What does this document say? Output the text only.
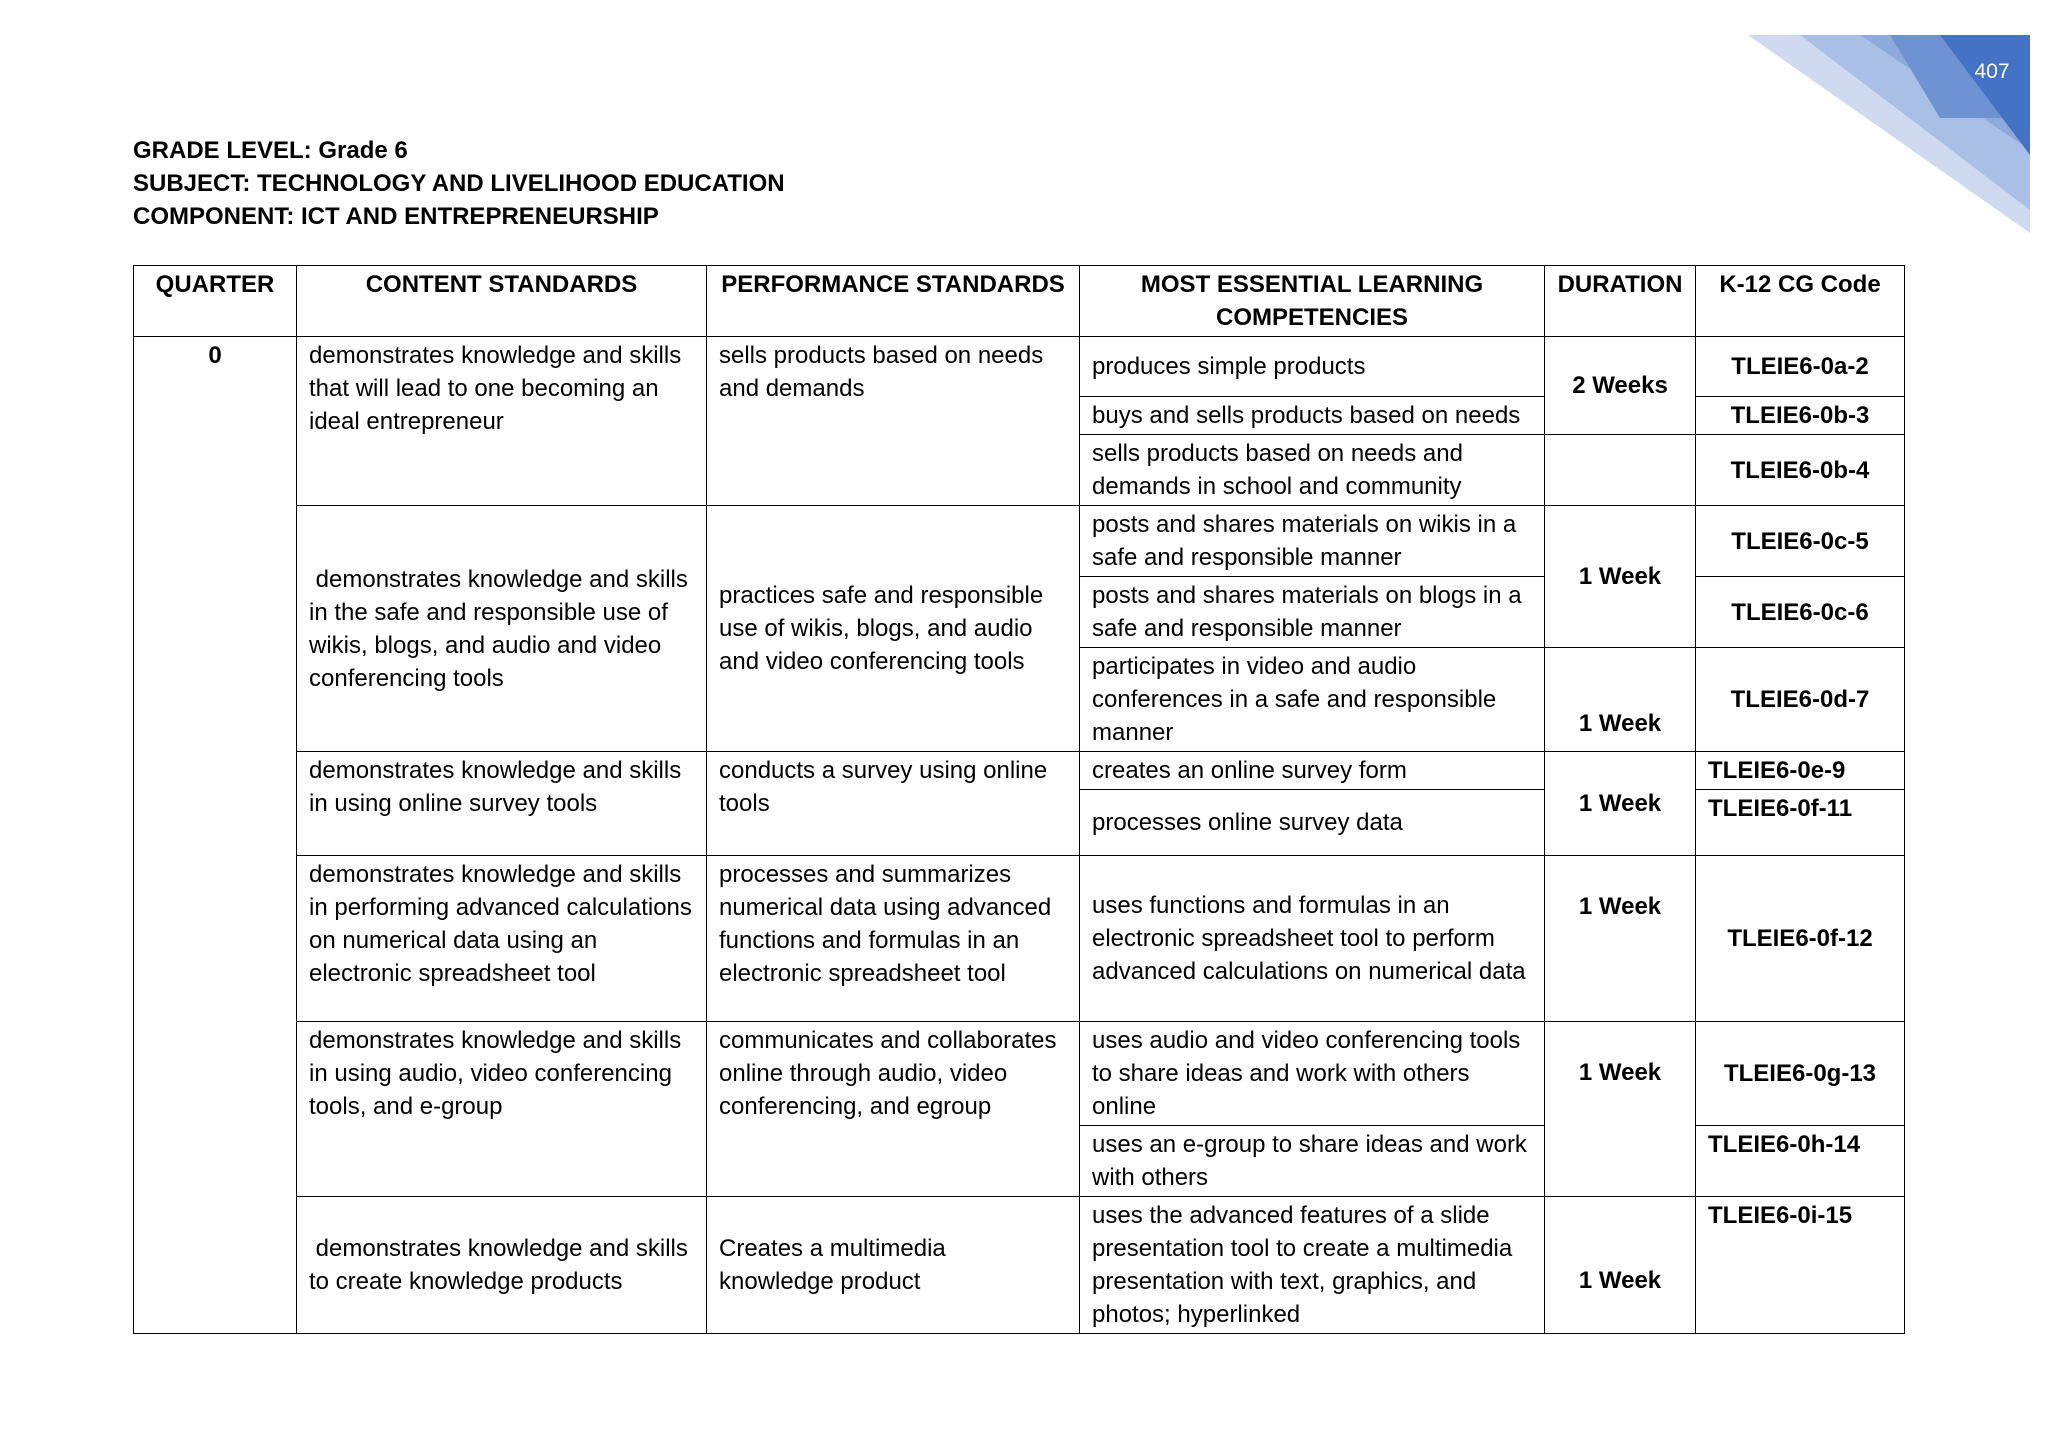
407
GRADE LEVEL: Grade 6
SUBJECT: TECHNOLOGY AND LIVELIHOOD EDUCATION
COMPONENT: ICT AND ENTREPRENEURSHIP
QUARTER	CONTENT STANDARDS	PERFORMANCE STANDARDS	MOST ESSENTIAL LEARNING COMPETENCIES	DURATION	K-12 CG Code
0	demonstrates knowledge and skills that will lead to one becoming an ideal entrepreneur	sells products based on needs and demands	produces simple products	2 Weeks	TLEIE6-0a-2
			buys and sells products based on needs		TLEIE6-0b-3
			sells products based on needs and demands in school and community		TLEIE6-0b-4
	demonstrates knowledge and skills in the safe and responsible use of wikis, blogs, and audio and video conferencing tools	practices safe and responsible use of wikis, blogs, and audio and video conferencing tools	posts and shares materials on wikis in a safe and responsible manner	1 Week	TLEIE6-0c-5
			posts and shares materials on blogs in a safe and responsible manner		TLEIE6-0c-6
			participates in video and audio conferences in a safe and responsible manner	1 Week	TLEIE6-0d-7
	demonstrates knowledge and skills in using online survey tools	conducts a survey using online tools	creates an online survey form	1 Week	TLEIE6-0e-9
			processes online survey data		TLEIE6-0f-11
	demonstrates knowledge and skills in performing advanced calculations on numerical data using an electronic spreadsheet tool	processes and summarizes numerical data using advanced functions and formulas in an electronic spreadsheet tool	uses functions and formulas in an electronic spreadsheet tool to perform advanced calculations on numerical data	1 Week	TLEIE6-0f-12
	demonstrates knowledge and skills in using audio, video conferencing tools, and e-group	communicates and collaborates online through audio, video conferencing, and egroup	uses audio and video conferencing tools to share ideas and work with others online	1 Week	TLEIE6-0g-13
			uses an e-group to share ideas and work with others		TLEIE6-0h-14
	demonstrates knowledge and skills to create knowledge products	Creates a multimedia knowledge product	uses the advanced features of a slide presentation tool to create a multimedia presentation with text, graphics, and photos; hyperlinked	1 Week	TLEIE6-0i-15
